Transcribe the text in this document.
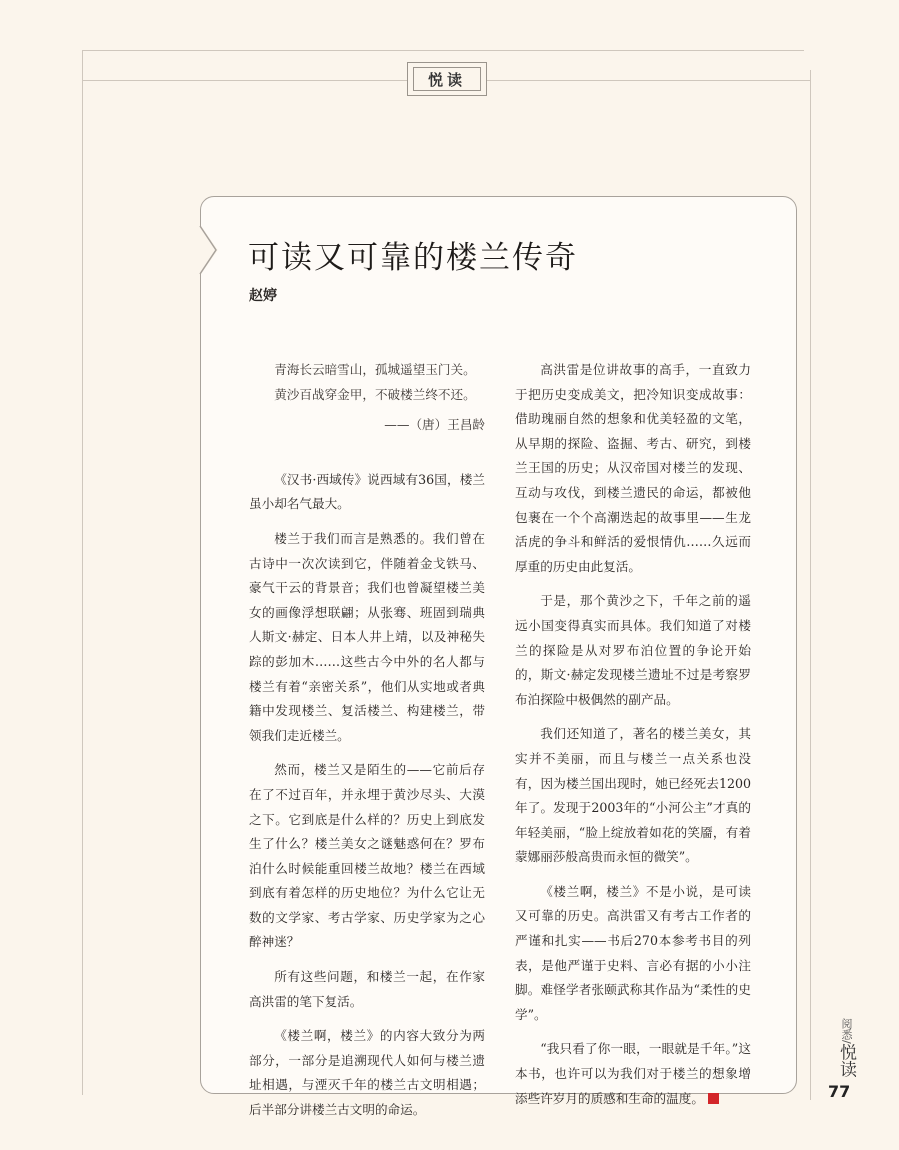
悦读
可读又可靠的楼兰传奇
赵婷

青海长云暗雪山，孤城遥望玉门关。

黄沙百战穿金甲，不破楼兰终不还。

——（唐）王昌龄

《汉书·西域传》说西域有36国，楼兰虽小却名气最大。

楼兰于我们而言是熟悉的。我们曾在古诗中一次次读到它，伴随着金戈铁马、豪气干云的背景音；我们也曾凝望楼兰美女的画像浮想联翩；从张骞、班固到瑞典人斯文·赫定、日本人井上靖，以及神秘失踪的彭加木……这些古今中外的名人都与楼兰有着“亲密关系”，他们从实地或者典籍中发现楼兰、复活楼兰、构建楼兰，带领我们走近楼兰。

然而，楼兰又是陌生的——它前后存在了不过百年，并永埋于黄沙尽头、大漠之下。它到底是什么样的？历史上到底发生了什么？楼兰美女之谜魅惑何在？罗布泊什么时候能重回楼兰故地？楼兰在西域到底有着怎样的历史地位？为什么它让无数的文学家、考古学家、历史学家为之心醉神迷？

所有这些问题，和楼兰一起，在作家高洪雷的笔下复活。

《楼兰啊，楼兰》的内容大致分为两部分，一部分是追溯现代人如何与楼兰遗址相遇，与湮灭千年的楼兰古文明相遇；后半部分讲楼兰古文明的命运。

高洪雷是位讲故事的高手，一直致力于把历史变成美文，把冷知识变成故事：借助瑰丽自然的想象和优美轻盈的文笔，从早期的探险、盗掘、考古、研究，到楼兰王国的历史；从汉帝国对楼兰的发现、互动与攻伐，到楼兰遗民的命运，都被他包裹在一个个高潮迭起的故事里——生龙活虎的争斗和鲜活的爱恨情仇……久远而厚重的历史由此复活。

于是，那个黄沙之下，千年之前的遥远小国变得真实而具体。我们知道了对楼兰的探险是从对罗布泊位置的争论开始的，斯文·赫定发现楼兰遗址不过是考察罗布泊探险中极偶然的副产品。

我们还知道了，著名的楼兰美女，其实并不美丽，而且与楼兰一点关系也没有，因为楼兰国出现时，她已经死去1200年了。发现于2003年的“小河公主”才真的年轻美丽，“脸上绽放着如花的笑靥，有着蒙娜丽莎般高贵而永恒的微笑”。

《楼兰啊，楼兰》不是小说，是可读又可靠的历史。高洪雷又有考古工作者的严谨和扎实——书后270本参考书目的列表，是他严谨于史料、言必有据的小小注脚。难怪学者张颐武称其作品为“柔性的史学”。

“我只看了你一眼，一眼就是千年。”这本书，也许可以为我们对于楼兰的想象增添些许岁月的质感和生命的温度。

阅悉/悦读
77
